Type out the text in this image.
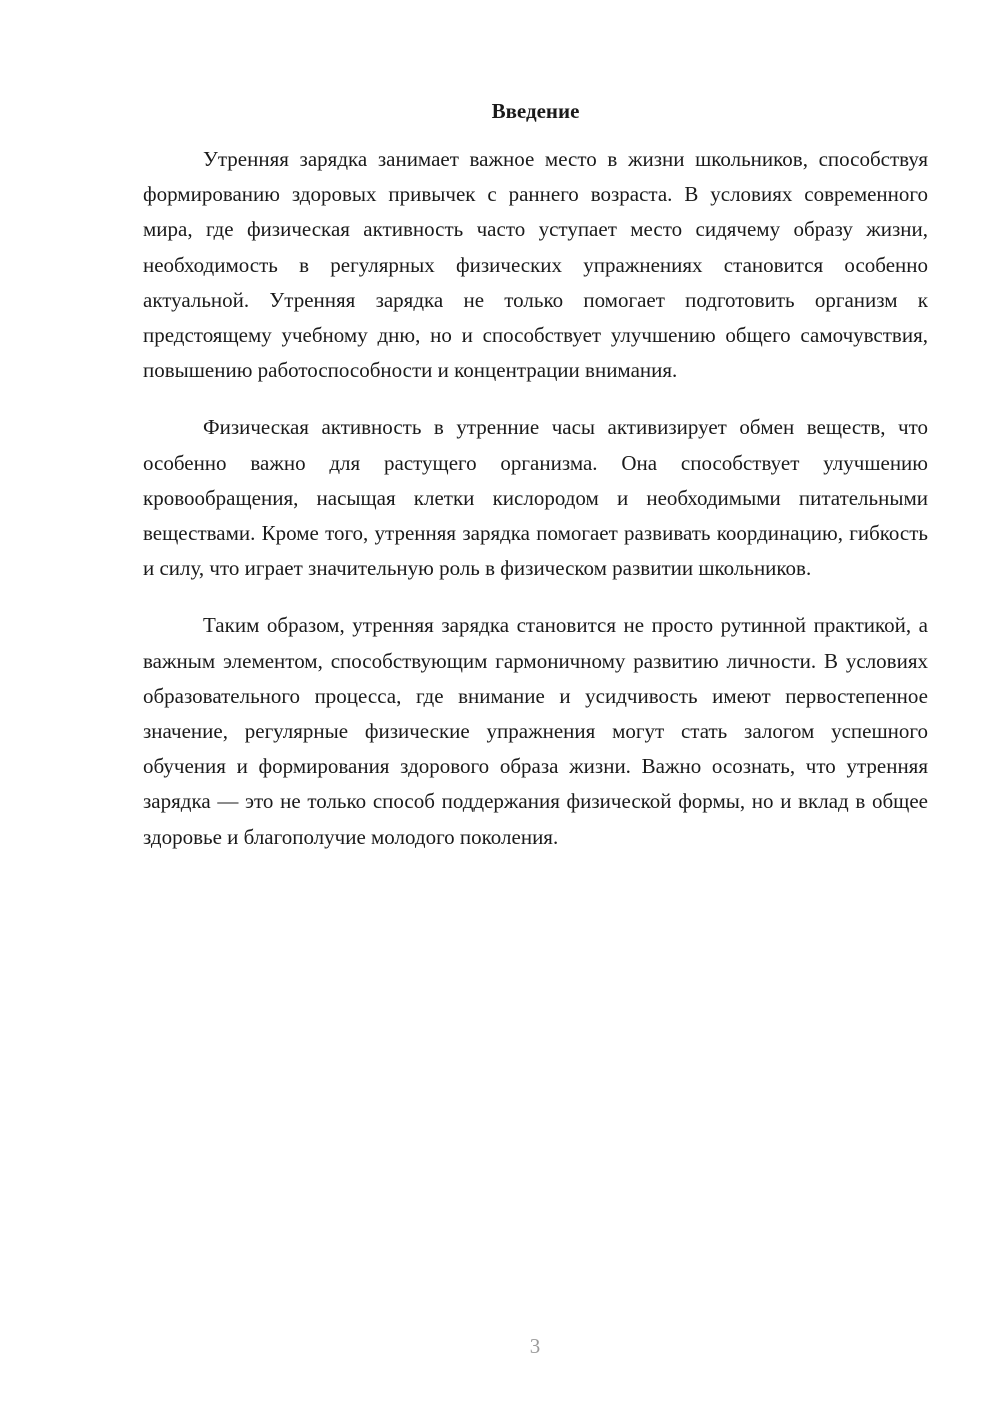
Введение

Утренняя зарядка занимает важное место в жизни школьников, способствуя формированию здоровых привычек с раннего возраста. В условиях современного мира, где физическая активность часто уступает место сидячему образу жизни, необходимость в регулярных физических упражнениях становится особенно актуальной. Утренняя зарядка не только помогает подготовить организм к предстоящему учебному дню, но и способствует улучшению общего самочувствия, повышению работоспособности и концентрации внимания.

Физическая активность в утренние часы активизирует обмен веществ, что особенно важно для растущего организма. Она способствует улучшению кровообращения, насыщая клетки кислородом и необходимыми питательными веществами. Кроме того, утренняя зарядка помогает развивать координацию, гибкость и силу, что играет значительную роль в физическом развитии школьников.

Таким образом, утренняя зарядка становится не просто рутинной практикой, а важным элементом, способствующим гармоничному развитию личности. В условиях образовательного процесса, где внимание и усидчивость имеют первостепенное значение, регулярные физические упражнения могут стать залогом успешного обучения и формирования здорового образа жизни. Важно осознать, что утренняя зарядка — это не только способ поддержания физической формы, но и вклад в общее здоровье и благополучие молодого поколения.

3
